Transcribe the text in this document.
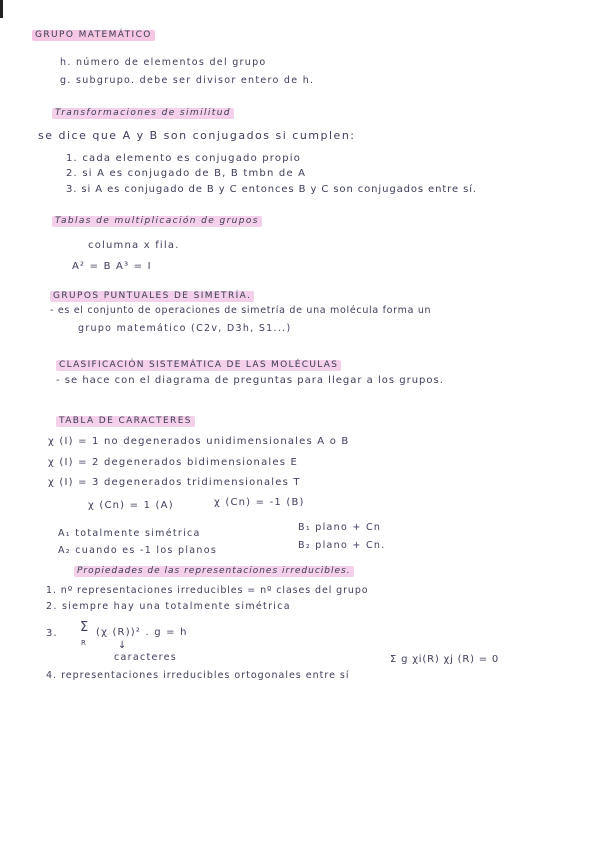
GRUPO MATEMÁTICO
h. número de elementos del grupo
g. subgrupo. debe ser divisor entero de h.
Transformaciones de similitud
se dice que A y B son conjugados si cumplen:
1. cada elemento es conjugado propio
2. si A es conjugado de B, B tmbn de A
3. si A es conjugado de B y C entonces B y C son conjugados entre sí.
Tablas de multiplicación de grupos
columna x fila.
A² = B A³ = I
GRUPOS PUNTUALES DE SIMETRÍA.
- es el conjunto de operaciones de simetría de una molécula forma un
grupo matemático (C2v, D3h, S1...)
CLASIFICACIÓN SISTEMÁTICA DE LAS MOLÉCULAS
- se hace con el diagrama de preguntas para llegar a los grupos.
TABLA DE CARACTERES
χ (I) = 1 no degenerados unidimensionales A o B
χ (I) = 2 degenerados bidimensionales E
χ (I) = 3 degenerados tridimensionales T
χ (Cn) = 1 (A)	χ (Cn) = -1 (B)
A₁ totalmente simétrica
A₂ cuando es -1 los planos
B₁ plano + Cn
B₂ plano + Cn.
Propiedades de las representaciones irreducibles.
1. nº representaciones irreducibles = nº clases del grupo
2. siempre hay una totalmente simétrica
3. Σ
R
(χ (R))² . g = h
↓
caracteres
4. representaciones irreducibles ortogonales entre sí
Σ g χi(R) χj (R) = 0
